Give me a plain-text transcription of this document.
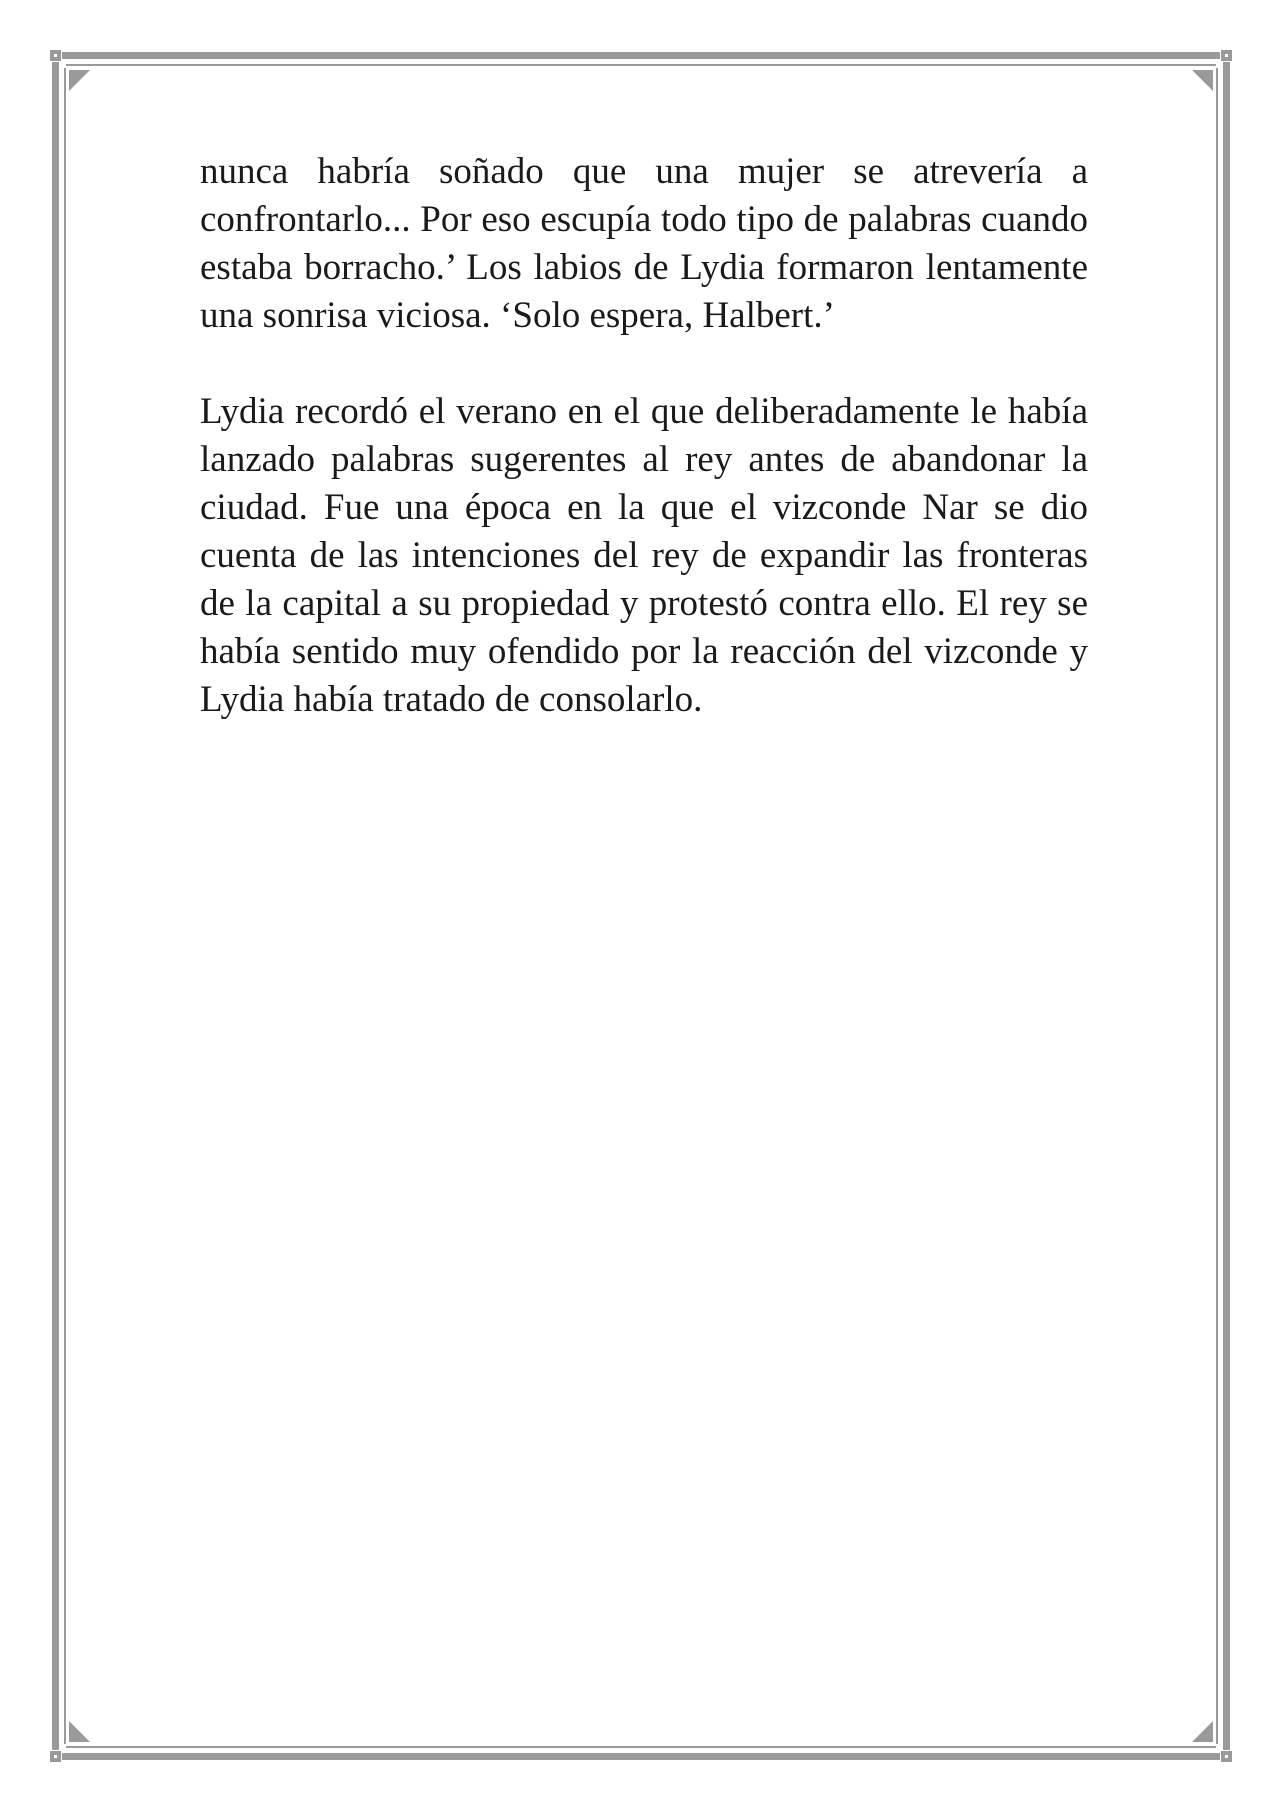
nunca habría soñado que una mujer se atrevería a confrontarlo... Por eso escupía todo tipo de palabras cuando estaba borracho.’ Los labios de Lydia formaron lentamente una sonrisa viciosa. ‘Solo espera, Halbert.’

Lydia recordó el verano en el que deliberadamente le había lanzado palabras sugerentes al rey antes de abandonar la ciudad. Fue una época en la que el vizconde Nar se dio cuenta de las intenciones del rey de expandir las fronteras de la capital a su propiedad y protestó contra ello. El rey se había sentido muy ofendido por la reacción del vizconde y Lydia había tratado de consolarlo.
